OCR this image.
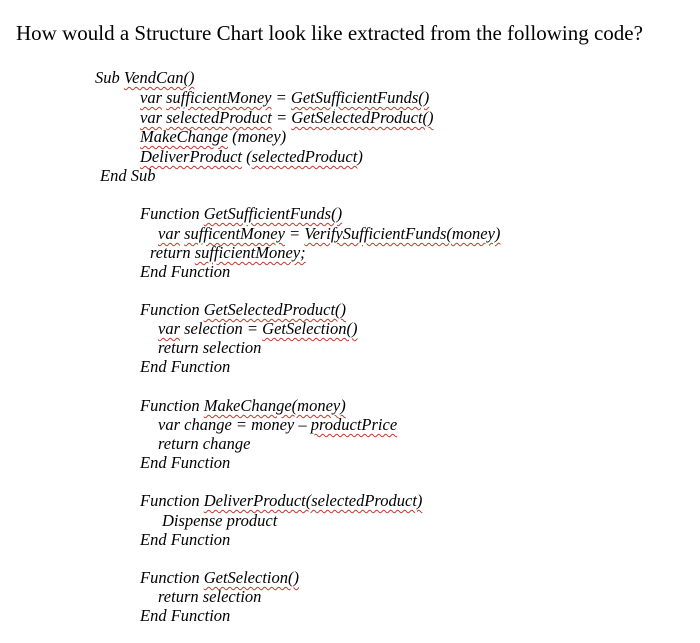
How would a Structure Chart look like extracted from the following code?
Sub VendCan()
var sufficientMoney = GetSufficientFunds()
var selectedProduct = GetSelectedProduct()
MakeChange (money)
DeliverProduct (selectedProduct)
End Sub
Function GetSufficientFunds()
var sufficentMoney = VerifySufficientFunds(money)
return sufficientMoney;
End Function
Function GetSelectedProduct()
var selection = GetSelection()
return selection
End Function
Function MakeChange(money)
var change = money – productPrice
return change
End Function
Function DeliverProduct(selectedProduct)
Dispense product
End Function
Function GetSelection()
return selection
End Function
